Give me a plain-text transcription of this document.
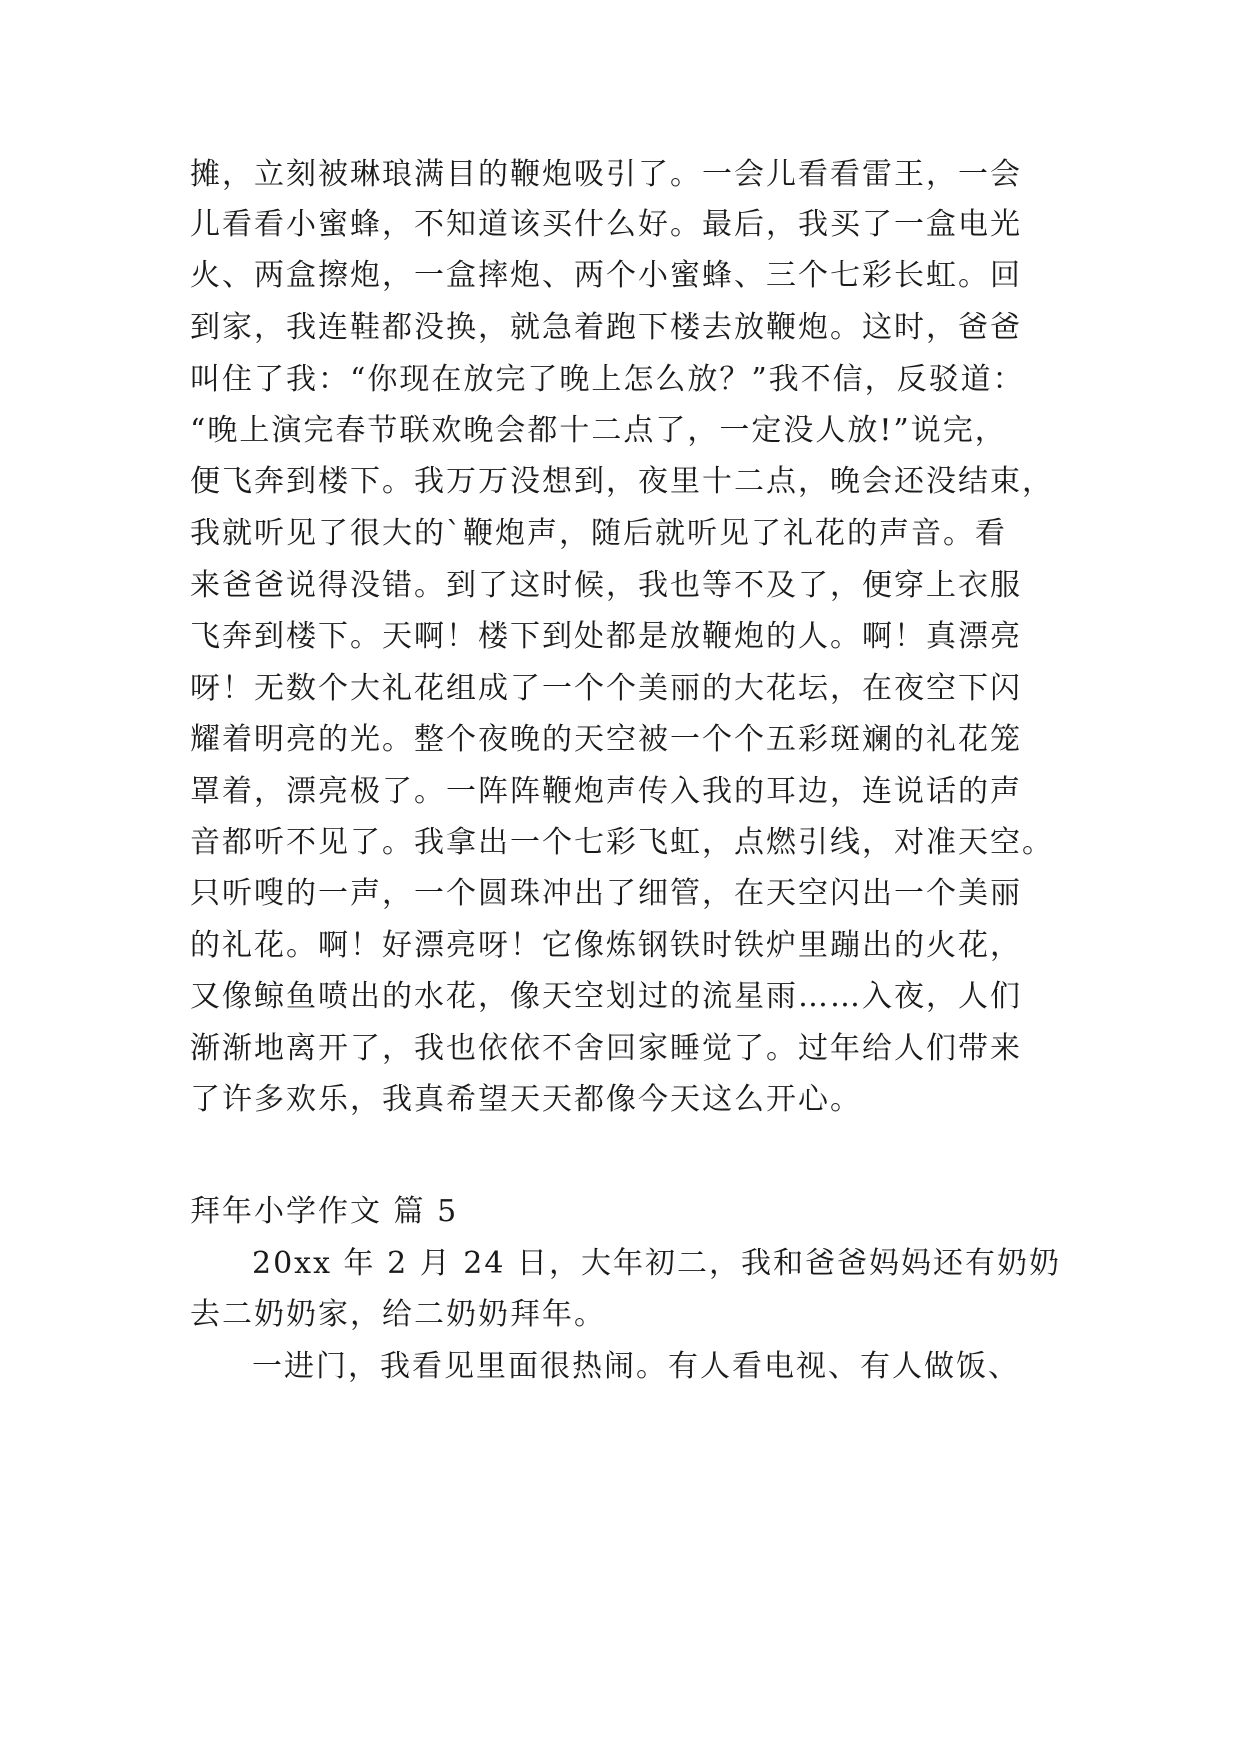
摊，立刻被琳琅满目的鞭炮吸引了。一会儿看看雷王，一会
儿看看小蜜蜂，不知道该买什么好。最后，我买了一盒电光
火、两盒擦炮，一盒摔炮、两个小蜜蜂、三个七彩长虹。回
到家，我连鞋都没换，就急着跑下楼去放鞭炮。这时，爸爸
叫住了我：“你现在放完了晚上怎么放？”我不信，反驳道：
“晚上演完春节联欢晚会都十二点了，一定没人放!”说完，
便飞奔到楼下。我万万没想到，夜里十二点，晚会还没结束，
我就听见了很大的`鞭炮声，随后就听见了礼花的声音。看
来爸爸说得没错。到了这时候，我也等不及了，便穿上衣服
飞奔到楼下。天啊！楼下到处都是放鞭炮的人。啊！真漂亮
呀！无数个大礼花组成了一个个美丽的大花坛，在夜空下闪
耀着明亮的光。整个夜晚的天空被一个个五彩斑斓的礼花笼
罩着，漂亮极了。一阵阵鞭炮声传入我的耳边，连说话的声
音都听不见了。我拿出一个七彩飞虹，点燃引线，对准天空。
只听嗖的一声，一个圆珠冲出了细管，在天空闪出一个美丽
的礼花。啊！好漂亮呀！它像炼钢铁时铁炉里蹦出的火花，
又像鲸鱼喷出的水花，像天空划过的流星雨……入夜，人们
渐渐地离开了，我也依依不舍回家睡觉了。过年给人们带来
了许多欢乐，我真希望天天都像今天这么开心。
拜年小学作文 篇 5
20xx 年 2 月 24 日，大年初二，我和爸爸妈妈还有奶奶
去二奶奶家，给二奶奶拜年。
一进门，我看见里面很热闹。有人看电视、有人做饭、
